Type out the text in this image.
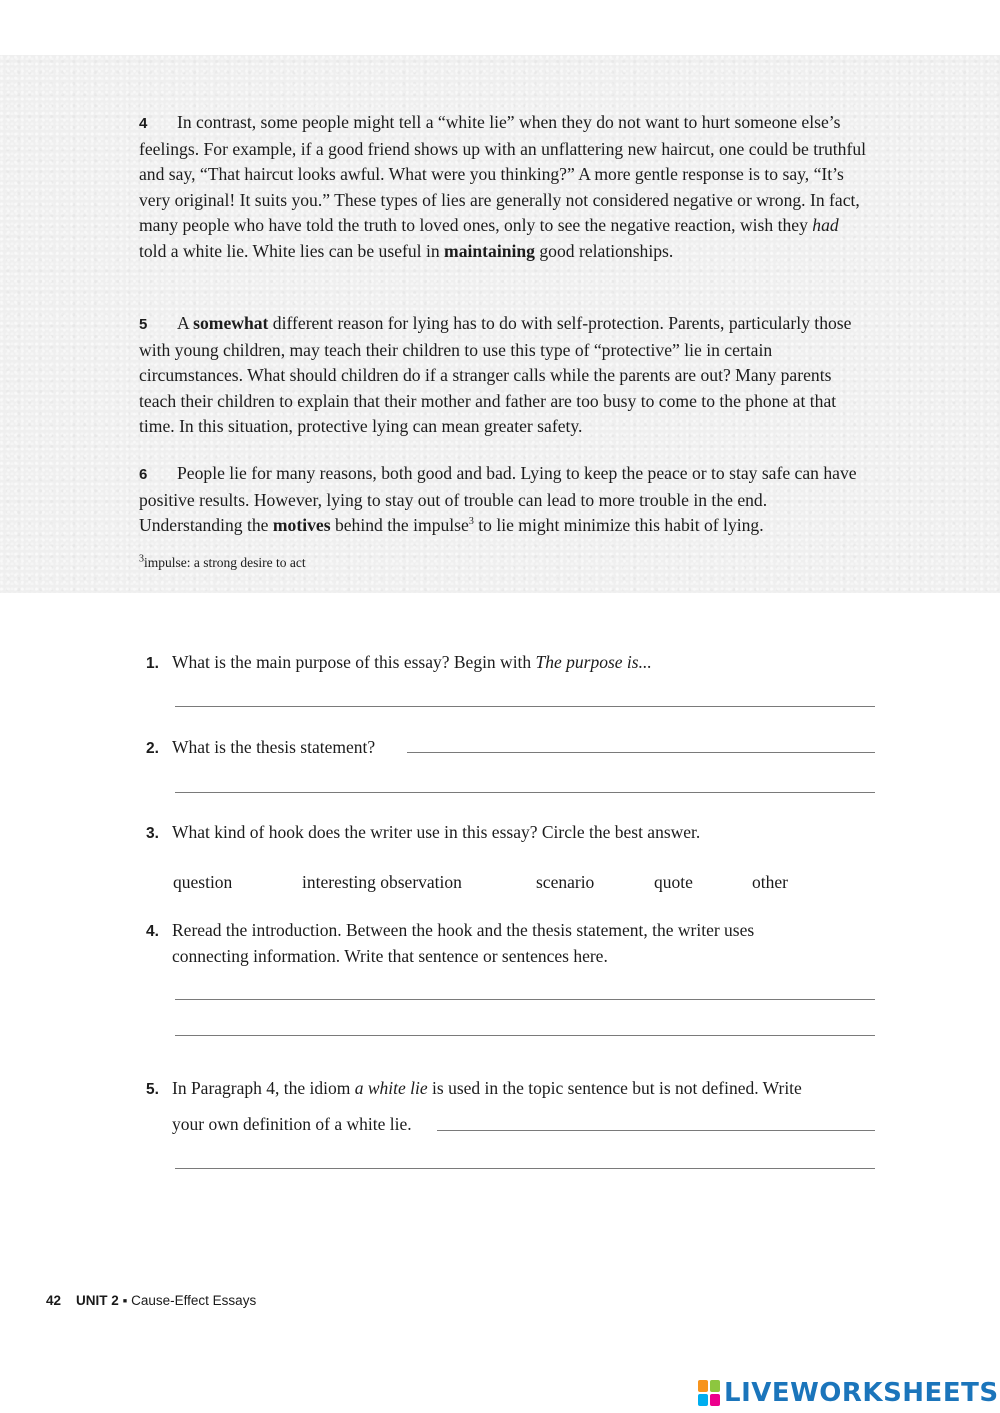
4 In contrast, some people might tell a “white lie” when they do not want to hurt someone else’s feelings. For example, if a good friend shows up with an unflattering new haircut, one could be truthful and say, “That haircut looks awful. What were you thinking?” A more gentle response is to say, “It’s very original! It suits you.” These types of lies are generally not considered negative or wrong. In fact, many people who have told the truth to loved ones, only to see the negative reaction, wish they had told a white lie. White lies can be useful in maintaining good relationships.

5 A somewhat different reason for lying has to do with self-protection. Parents, particularly those with young children, may teach their children to use this type of “protective” lie in certain circumstances. What should children do if a stranger calls while the parents are out? Many parents teach their children to explain that their mother and father are too busy to come to the phone at that time. In this situation, protective lying can mean greater safety.

6 People lie for many reasons, both good and bad. Lying to keep the peace or to stay safe can have positive results. However, lying to stay out of trouble can lead to more trouble in the end. Understanding the motives behind the impulse$^3$ to lie might minimize this habit of lying.

$^3$impulse: a strong desire to act

1. What is the main purpose of this essay? Begin with The purpose is...
2. What is the thesis statement?
3. What kind of hook does the writer use in this essay? Circle the best answer.
question	interesting observation	scenario	quote	other
4. Reread the introduction. Between the hook and the thesis statement, the writer uses
connecting information. Write that sentence or sentences here.
5. In Paragraph 4, the idiom a white lie is used in the topic sentence but is not defined. Write
your own definition of a white lie.
42 UNIT 2 ▪ Cause-Effect Essays
LIVEWORKSHEETS
